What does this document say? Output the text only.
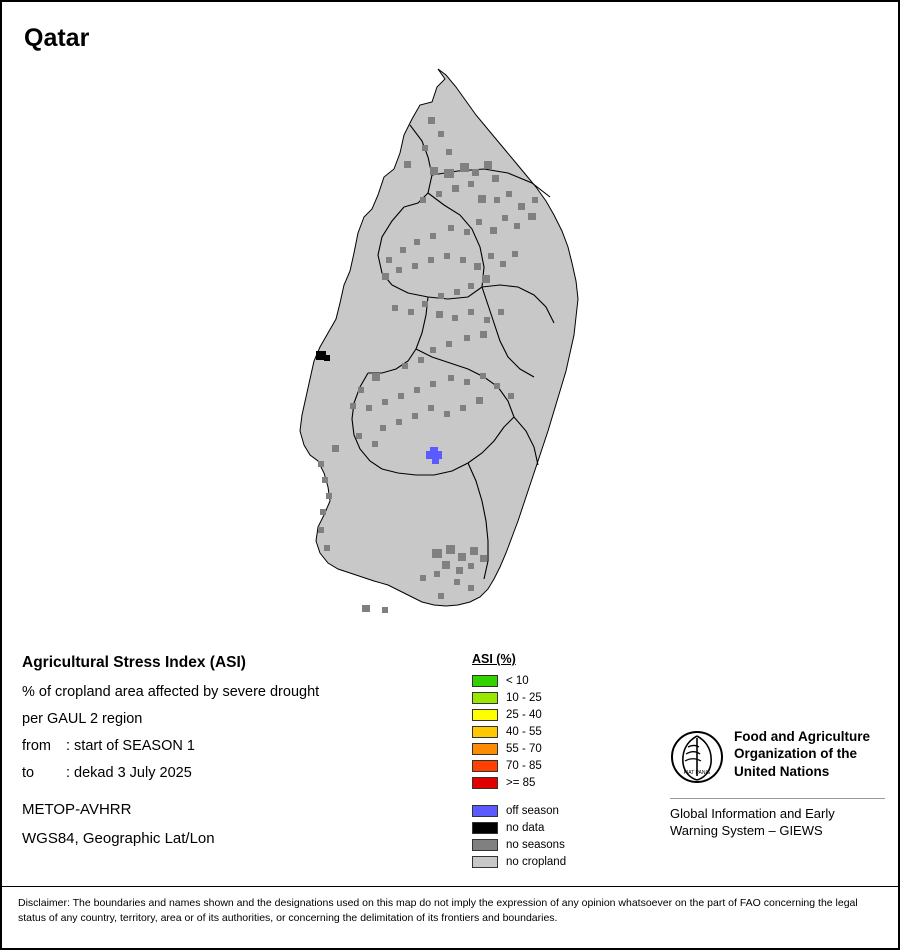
Qatar
Agricultural Stress Index (ASI)
% of cropland area affected by severe drought
per GAUL 2 region
from : start of SEASON 1
to : dekad 3 July 2025
METOP-AVHRR
WGS84, Geographic Lat/Lon
ASI (%)
< 10
10 - 25
25 - 40
40 - 55
55 - 70
70 - 85
>= 85
off season
no data
no seasons
no cropland
FIAT PANIS
Food and Agriculture Organization of the United Nations
Global Information and Early Warning System – GIEWS
Disclaimer: The boundaries and names shown and the designations used on this map do not imply the expression of any opinion whatsoever on the part of FAO concerning the legal status of any country, territory, area or of its authorities, or concerning the delimitation of its frontiers and boundaries.
